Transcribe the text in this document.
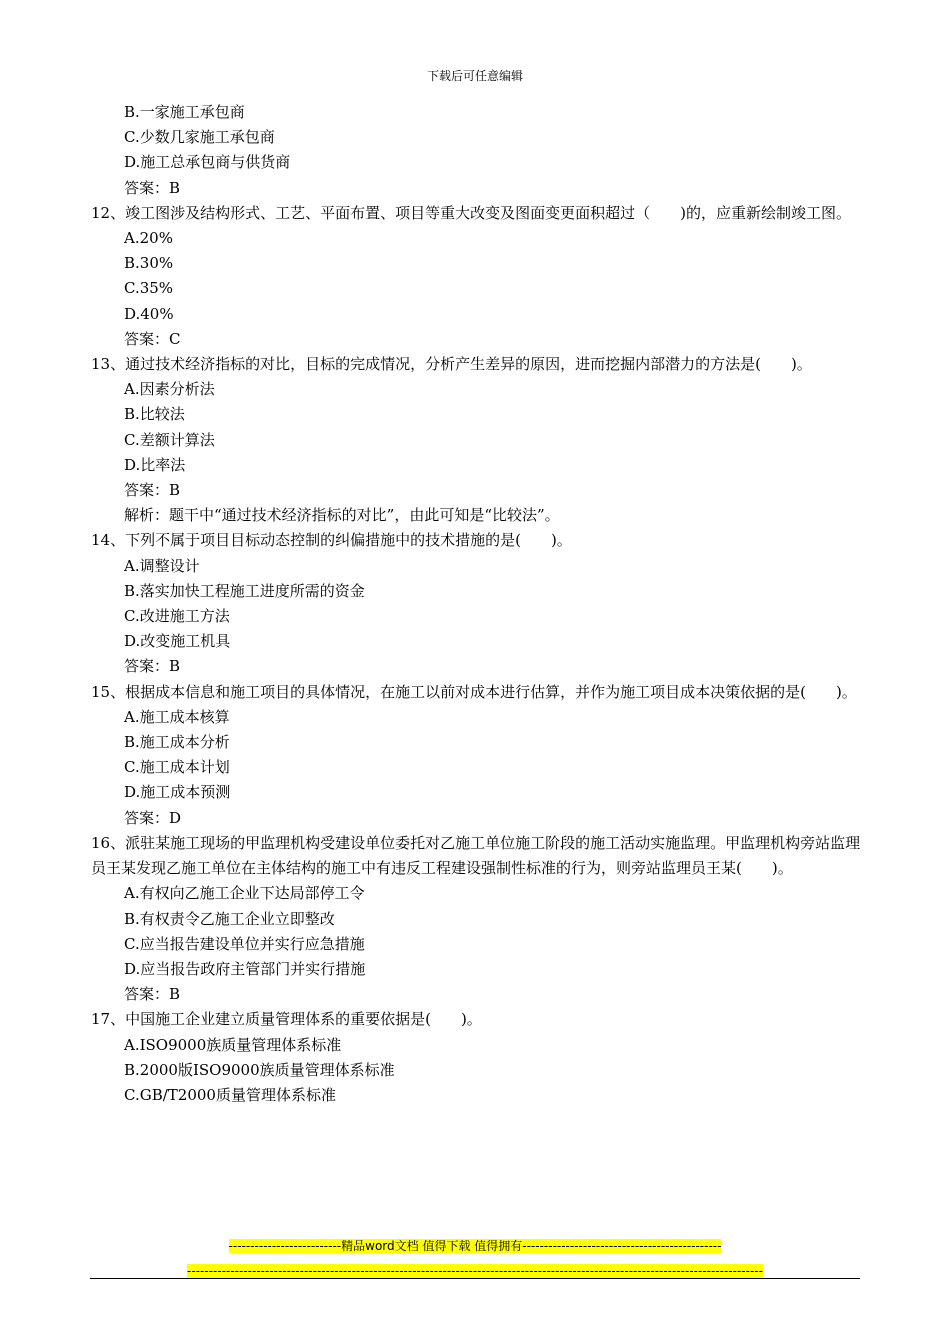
下载后可任意编辑

B.一家施工承包商

C.少数几家施工承包商

D.施工总承包商与供货商

答案：B

12、竣工图涉及结构形式、工艺、平面布置、项目等重大改变及图面变更面积超过（　　)的，应重新绘制竣工图。

A.20%

B.30%

C.35%

D.40%

答案：C

13、通过技术经济指标的对比，目标的完成情况，分析产生差异的原因，进而挖掘内部潜力的方法是(　　)。

A.因素分析法

B.比较法

C.差额计算法

D.比率法

答案：B

解析：题干中“通过技术经济指标的对比”，由此可知是“比较法”。

14、下列不属于项目目标动态控制的纠偏措施中的技术措施的是(　　)。

A.调整设计

B.落实加快工程施工进度所需的资金

C.改进施工方法

D.改变施工机具

答案：B

15、根据成本信息和施工项目的具体情况，在施工以前对成本进行估算，并作为施工项目成本决策依据的是(　　)。

A.施工成本核算

B.施工成本分析

C.施工成本计划

D.施工成本预测

答案：D

16、派驻某施工现场的甲监理机构受建设单位委托对乙施工单位施工阶段的施工活动实施监理。甲监理机构旁站监理员王某发现乙施工单位在主体结构的施工中有违反工程建设强制性标准的行为，则旁站监理员王某(　　)。

A.有权向乙施工企业下达局部停工令

B.有权责令乙施工企业立即整改

C.应当报告建设单位并实行应急措施

D.应当报告政府主管部门并实行措施

答案：B

17、中国施工企业建立质量管理体系的重要依据是(　　)。

A.ISO9000族质量管理体系标准

B.2000版ISO9000族质量管理体系标准

C.GB/T2000质量管理体系标准

--------------------------精品word文档 值得下载 值得拥有----------------------------------------------
-------------------------------------------------------------------------------------------------------------------------------------
